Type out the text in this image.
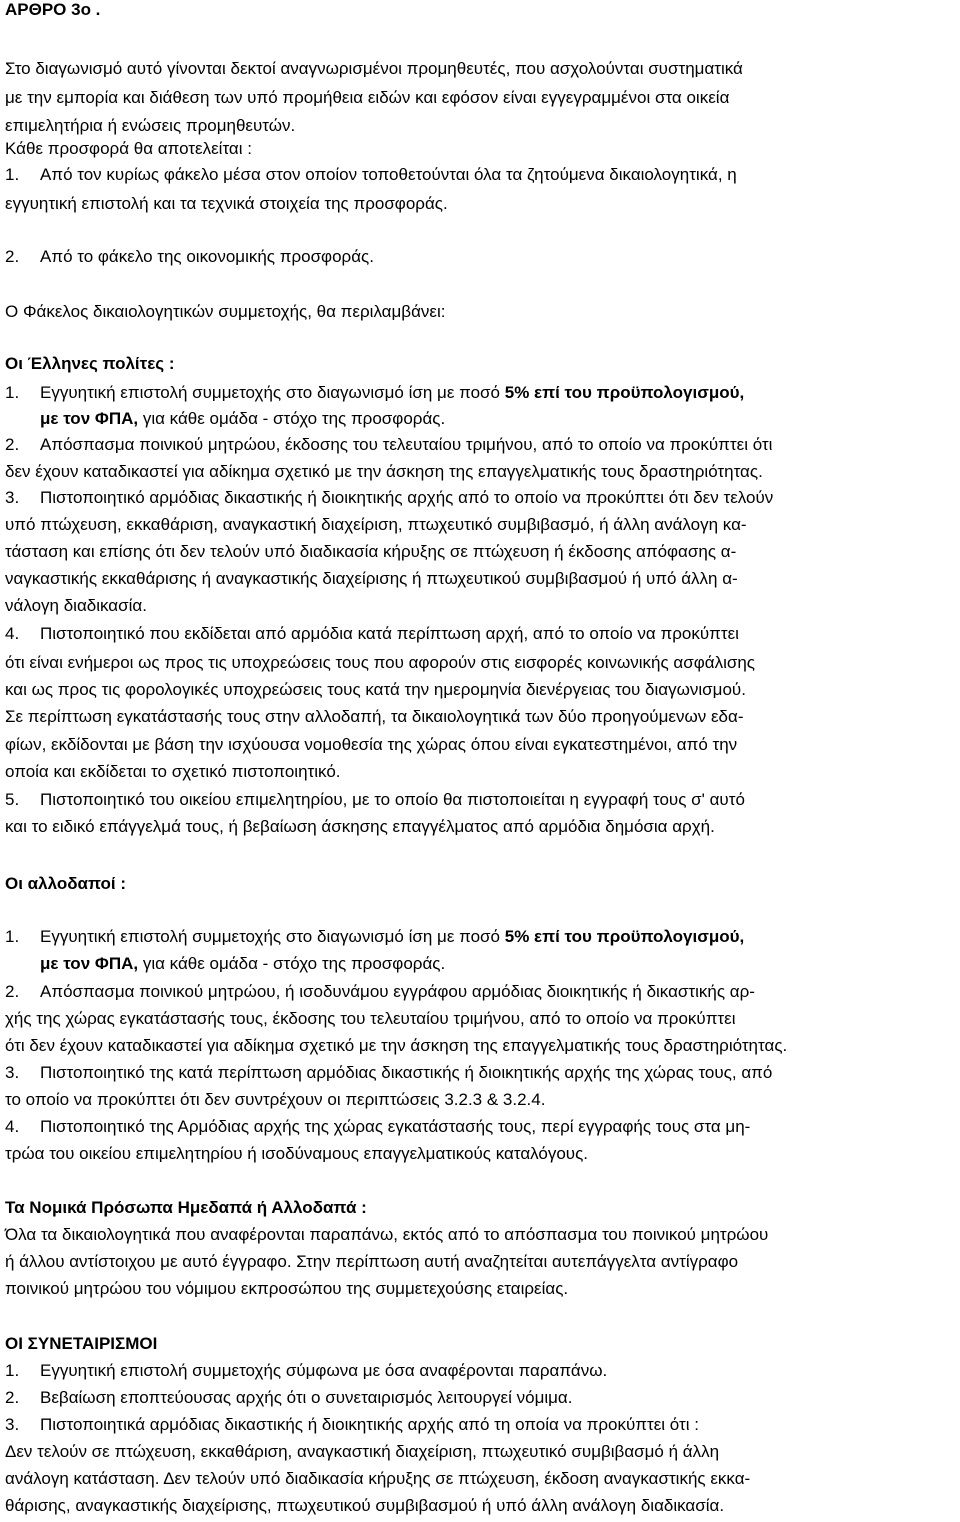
ΑΡΘΡΟ 3ο .
Στο διαγωνισμό αυτό γίνονται δεκτοί αναγνωρισμένοι προμηθευτές, που ασχολούνται συστηματικά
με την εμπορία και διάθεση των υπό προμήθεια ειδών και εφόσον είναι εγγεγραμμένοι στα οικεία
επιμελητήρια ή ενώσεις προμηθευτών.
Κάθε προσφορά θα αποτελείται :
1. Από τον κυρίως φάκελο μέσα στον οποίον τοποθετούνται όλα τα ζητούμενα δικαιολογητικά, η
εγγυητική επιστολή και τα τεχνικά στοιχεία της προσφοράς.
2. Από το φάκελο της οικονομικής προσφοράς.
Ο Φάκελος δικαιολογητικών συμμετοχής, θα περιλαμβάνει:
Οι Έλληνες πολίτες :
1. Εγγυητική επιστολή συμμετοχής στο διαγωνισμό ίση με ποσό 5% επί του προϋπολογισμού,
με τον ΦΠΑ, για κάθε ομάδα - στόχο της προσφοράς.
2. Απόσπασμα ποινικού μητρώου, έκδοσης του τελευταίου τριμήνου, από το οποίο να προκύπτει ότι
δεν έχουν καταδικαστεί για αδίκημα σχετικό με την άσκηση της επαγγελματικής τους δραστηριότητας.
3. Πιστοποιητικό αρμόδιας δικαστικής ή διοικητικής αρχής από το οποίο να προκύπτει ότι δεν τελούν
υπό πτώχευση, εκκαθάριση, αναγκαστική διαχείριση, πτωχευτικό συμβιβασμό, ή άλλη ανάλογη κα-
τάσταση και επίσης ότι δεν τελούν υπό διαδικασία κήρυξης σε πτώχευση ή έκδοσης απόφασης α-
ναγκαστικής εκκαθάρισης ή αναγκαστικής διαχείρισης ή πτωχευτικού συμβιβασμού ή υπό άλλη α-
νάλογη διαδικασία.
4. Πιστοποιητικό που εκδίδεται από αρμόδια κατά περίπτωση αρχή, από το οποίο να προκύπτει
ότι είναι ενήμεροι ως προς τις υποχρεώσεις τους που αφορούν στις εισφορές κοινωνικής ασφάλισης
και ως προς τις φορολογικές υποχρεώσεις τους κατά την ημερομηνία διενέργειας του διαγωνισμού.
Σε περίπτωση εγκατάστασής τους στην αλλοδαπή, τα δικαιολογητικά των δύο προηγούμενων εδα-
φίων, εκδίδονται με βάση την ισχύουσα νομοθεσία της χώρας όπου είναι εγκατεστημένοι, από την
οποία και εκδίδεται το σχετικό πιστοποιητικό.
5. Πιστοποιητικό του οικείου επιμελητηρίου, με το οποίο θα πιστοποιείται η εγγραφή τους σ' αυτό
και το ειδικό επάγγελμά τους, ή βεβαίωση άσκησης επαγγέλματος από αρμόδια δημόσια αρχή.
Οι αλλοδαποί :
1. Εγγυητική επιστολή συμμετοχής στο διαγωνισμό ίση με ποσό 5% επί του προϋπολογισμού,
με τον ΦΠΑ, για κάθε ομάδα - στόχο της προσφοράς.
2. Απόσπασμα ποινικού μητρώου, ή ισοδυνάμου εγγράφου αρμόδιας διοικητικής ή δικαστικής αρ-
χής της χώρας εγκατάστασής τους, έκδοσης του τελευταίου τριμήνου, από το οποίο να προκύπτει
ότι δεν έχουν καταδικαστεί για αδίκημα σχετικό με την άσκηση της επαγγελματικής τους δραστηριότητας.
3. Πιστοποιητικό της κατά περίπτωση αρμόδιας δικαστικής ή διοικητικής αρχής της χώρας τους, από
το οποίο να προκύπτει ότι δεν συντρέχουν οι περιπτώσεις 3.2.3 & 3.2.4.
4. Πιστοποιητικό της Αρμόδιας αρχής της χώρας εγκατάστασής τους, περί εγγραφής τους στα μη-
τρώα του οικείου επιμελητηρίου ή ισοδύναμους επαγγελματικούς καταλόγους.
Τα Νομικά Πρόσωπα Ημεδαπά ή Αλλοδαπά :
Όλα τα δικαιολογητικά που αναφέρονται παραπάνω, εκτός από το απόσπασμα του ποινικού μητρώου
ή άλλου αντίστοιχου με αυτό έγγραφο. Στην περίπτωση αυτή αναζητείται αυτεπάγγελτα αντίγραφο
ποινικού μητρώου του νόμιμου εκπροσώπου της συμμετεχούσης εταιρείας.
ΟΙ ΣΥΝΕΤΑΙΡΙΣΜΟΙ
1. Εγγυητική επιστολή συμμετοχής σύμφωνα με όσα αναφέρονται παραπάνω.
2. Βεβαίωση εποπτεύουσας αρχής ότι ο συνεταιρισμός λειτουργεί νόμιμα.
3. Πιστοποιητικά αρμόδιας δικαστικής ή διοικητικής αρχής από τη οποία να προκύπτει ότι :
Δεν τελούν σε πτώχευση, εκκαθάριση, αναγκαστική διαχείριση, πτωχευτικό συμβιβασμό ή άλλη
ανάλογη κατάσταση. Δεν τελούν υπό διαδικασία κήρυξης σε πτώχευση, έκδοση αναγκαστικής εκκα-
θάρισης, αναγκαστικής διαχείρισης, πτωχευτικού συμβιβασμού ή υπό άλλη ανάλογη διαδικασία.
